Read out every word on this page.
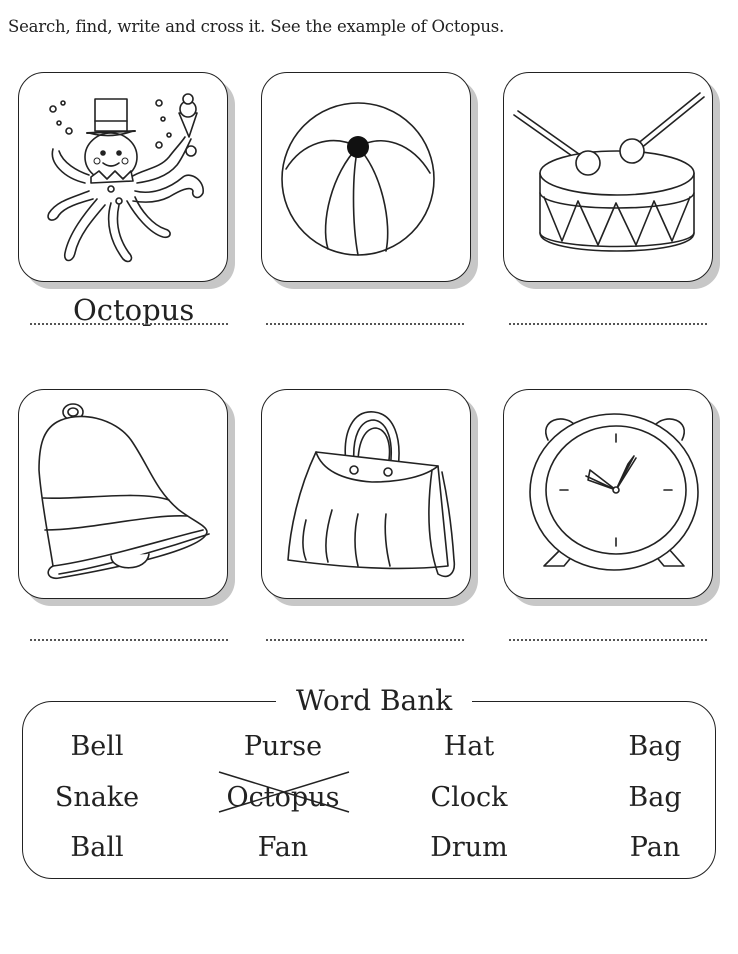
Search, find, write and cross it. See the example of Octopus.
Octopus
Word Bank
Bell	Purse	Hat	Bag
Snake	Octopus	Clock	Bag
Ball	Fan	Drum	Pan
